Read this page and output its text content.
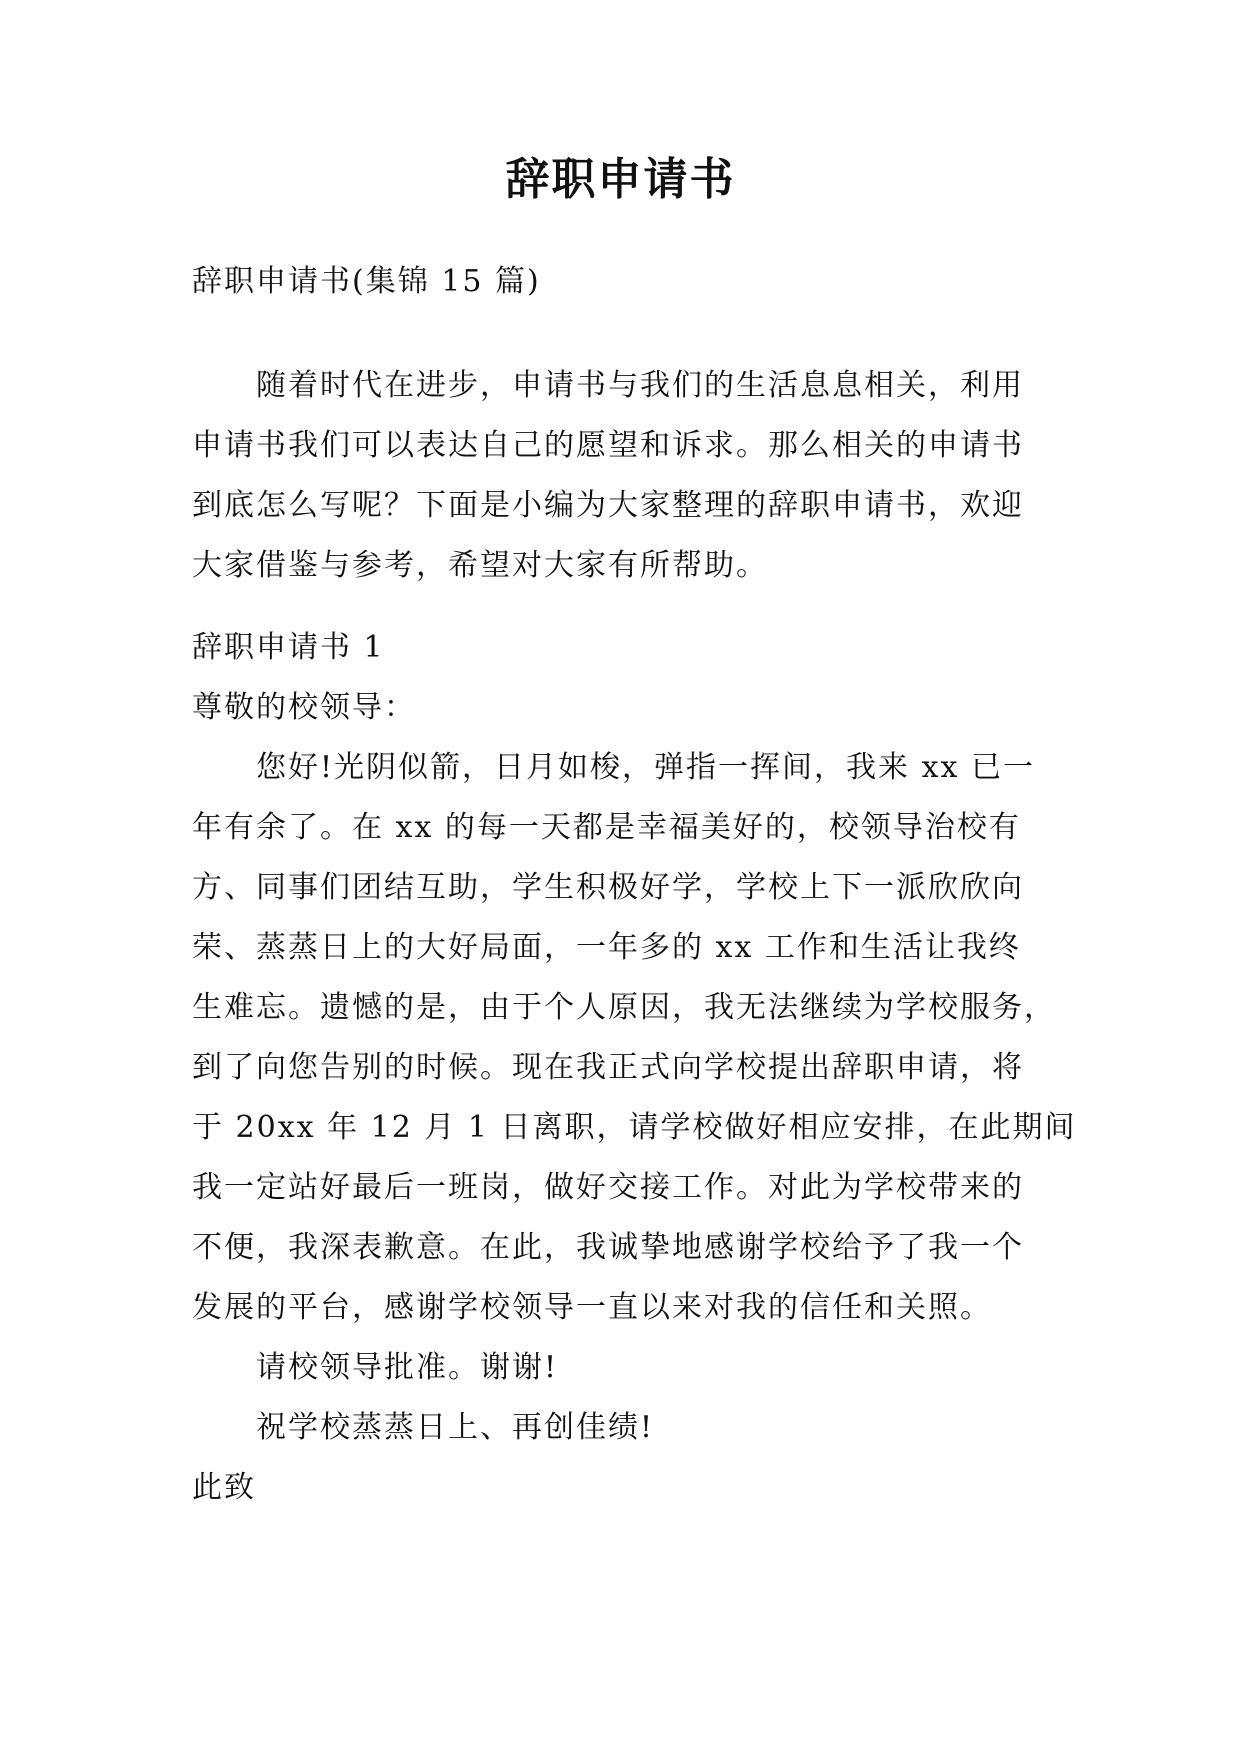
辞职申请书
辞职申请书(集锦 15 篇)
随着时代在进步，申请书与我们的生活息息相关，利用
申请书我们可以表达自己的愿望和诉求。那么相关的申请书
到底怎么写呢？下面是小编为大家整理的辞职申请书，欢迎
大家借鉴与参考，希望对大家有所帮助。
辞职申请书 1
尊敬的校领导：
您好!光阴似箭，日月如梭，弹指一挥间，我来 xx 已一
年有余了。在 xx 的每一天都是幸福美好的，校领导治校有
方、同事们团结互助，学生积极好学，学校上下一派欣欣向
荣、蒸蒸日上的大好局面，一年多的 xx 工作和生活让我终
生难忘。遗憾的是，由于个人原因，我无法继续为学校服务，
到了向您告别的时候。现在我正式向学校提出辞职申请，将
于 20xx 年 12 月 1 日离职，请学校做好相应安排，在此期间
我一定站好最后一班岗，做好交接工作。对此为学校带来的
不便，我深表歉意。在此，我诚挚地感谢学校给予了我一个
发展的平台，感谢学校领导一直以来对我的信任和关照。
请校领导批准。谢谢!
祝学校蒸蒸日上、再创佳绩!
此致
